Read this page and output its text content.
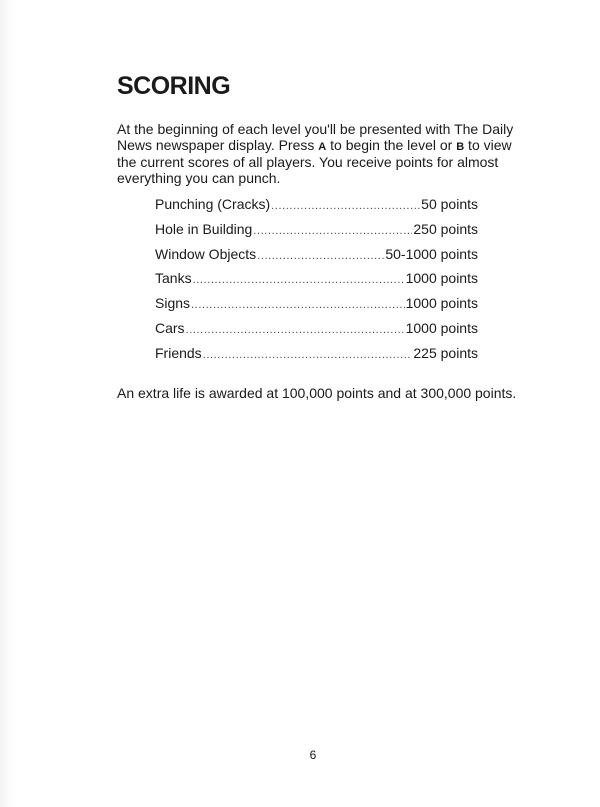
SCORING

At the beginning of each level you'll be presented with The Daily News newspaper display. Press A to begin the level or B to view the current scores of all players. You receive points for almost everything you can punch.

Punching (Cracks) .....	50 points
Hole in Building .....	250 points
Window Objects .....	50-1000 points
Tanks .....	1000 points
Signs .....	1000 points
Cars .....	1000 points
Friends .....	225 points

An extra life is awarded at 100,000 points and at 300,000 points.

6
